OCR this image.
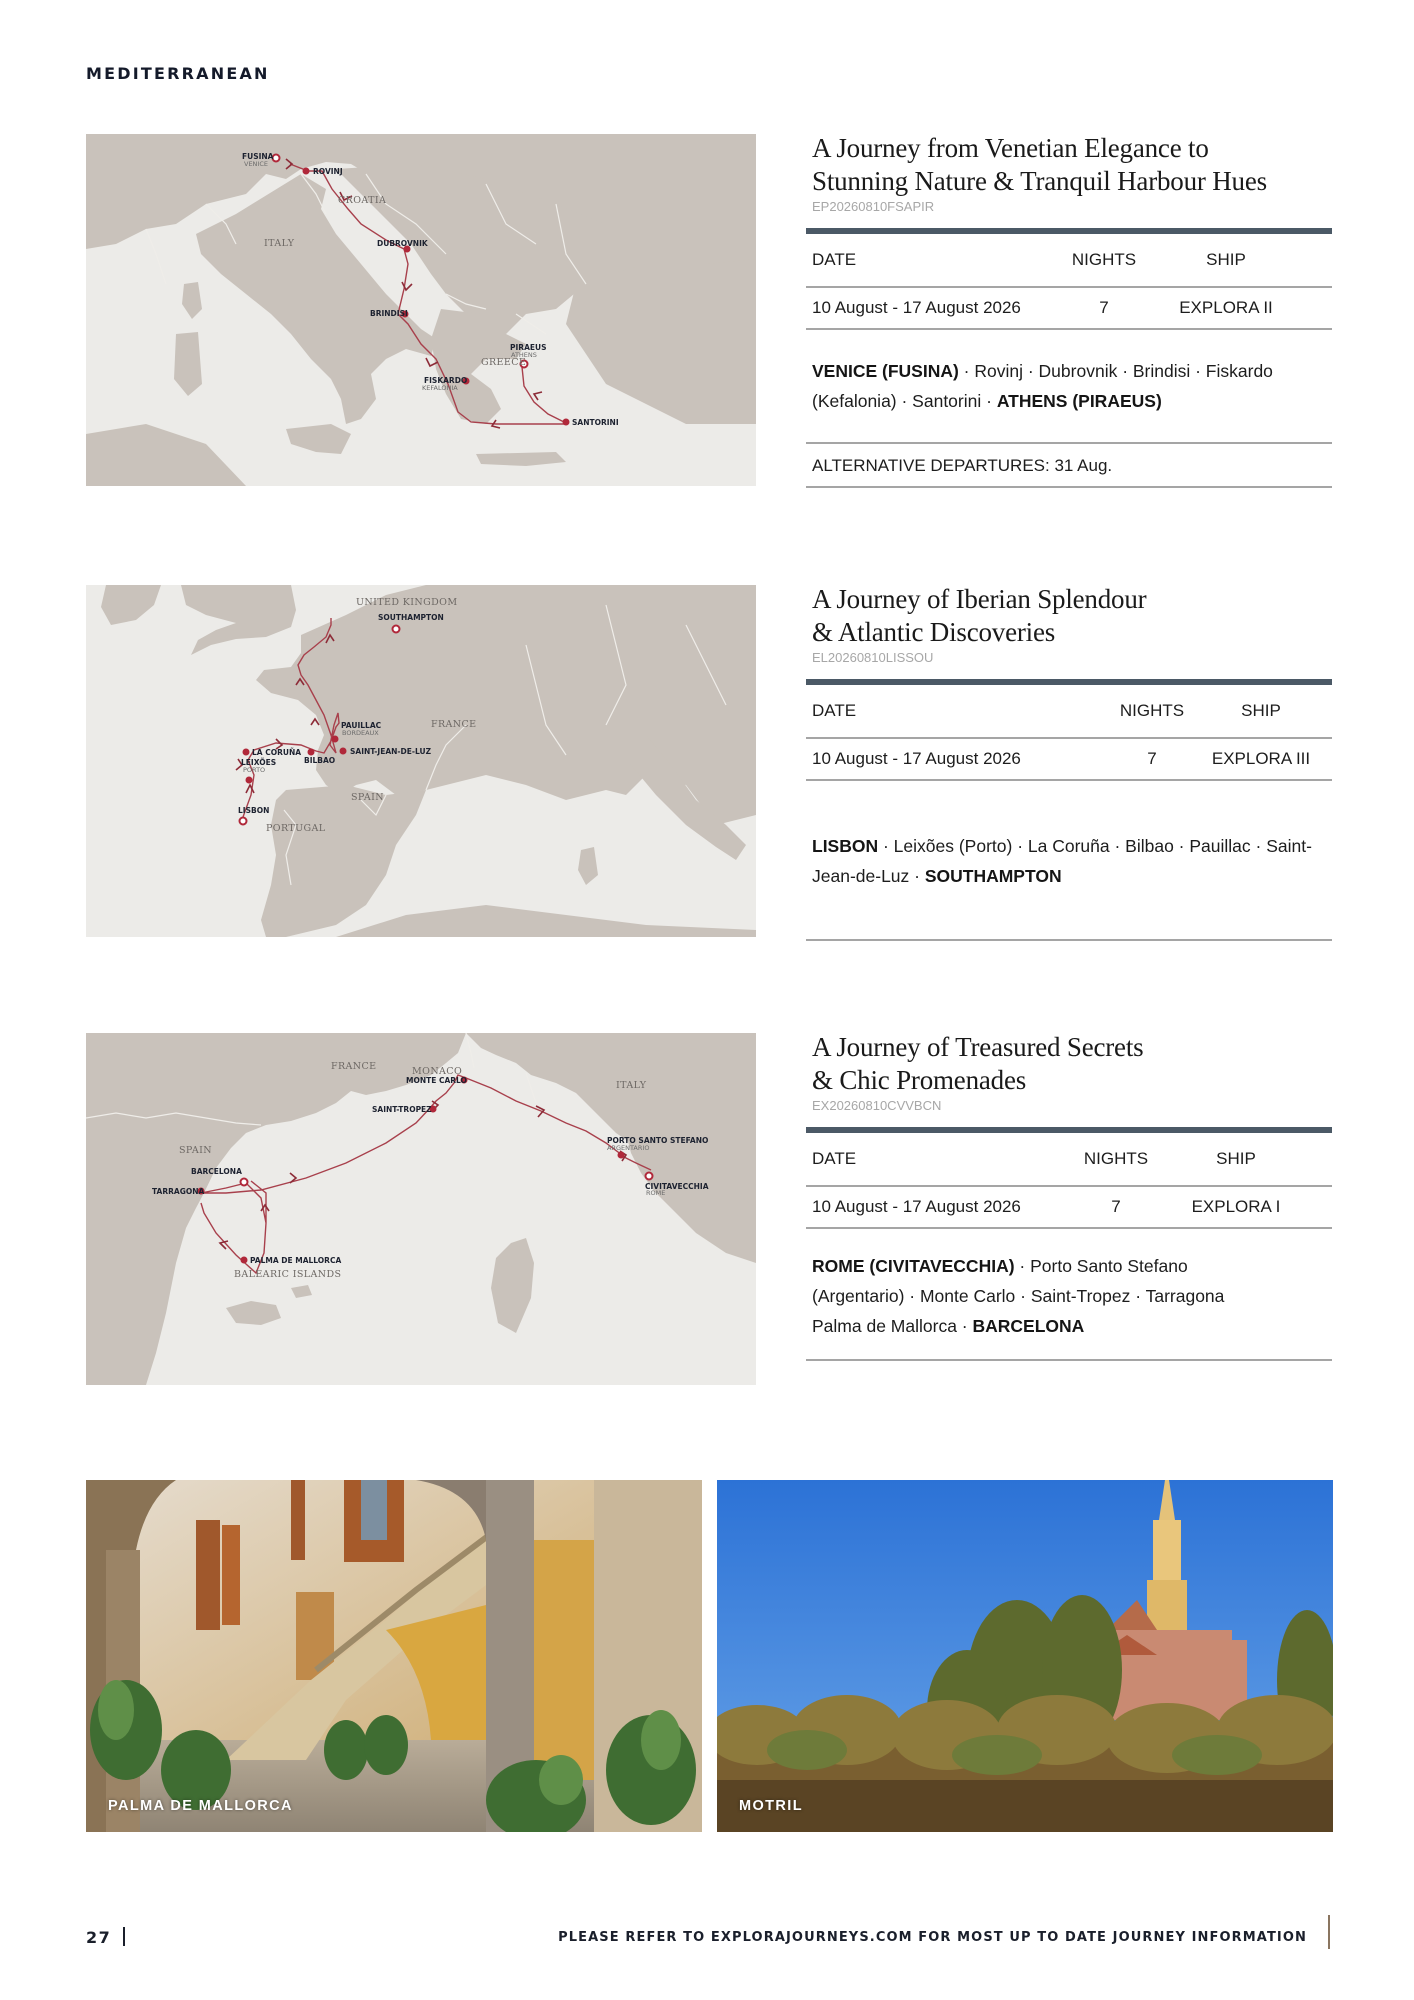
MEDITERRANEAN
FUSINA
VENICE
ROVINJ
DUBROVNIK
BRINDISI
FISKARDO
KEFALONIA
SANTORINI
PIRAEUS
ATHENS
CROATIA
ITALY
GREECE
A Journey from Venetian Elegance to
Stunning Nature & Tranquil Harbour Hues
EP20260810FSAPIR
DATE	NIGHTS	SHIP
10 August - 17 August 2026	7	EXPLORA II
VENICE (FUSINA) · Rovinj · Dubrovnik · Brindisi · Fiskardo (Kefalonia) · Santorini · ATHENS (PIRAEUS)
ALTERNATIVE DEPARTURES: 31 Aug.
LISBON
LEIXÕES
PORTO
LA CORUÑA
BILBAO
SAINT-JEAN-DE-LUZ
PAUILLAC
BORDEAUX
SOUTHAMPTON
UNITED KINGDOM
FRANCE
SPAIN
PORTUGAL
A Journey of Iberian Splendour
& Atlantic Discoveries
EL20260810LISSOU
DATE	NIGHTS	SHIP
10 August - 17 August 2026	7	EXPLORA III
LISBON · Leixões (Porto) · La Coruña · Bilbao · Pauillac · Saint-Jean-de-Luz · SOUTHAMPTON
CIVITAVECCHIA
ROME
PORTO SANTO STEFANO
ARGENTARIO
MONTE CARLO
MONACO
SAINT-TROPEZ
TARRAGONA
BARCELONA
PALMA DE MALLORCA
BALEARIC ISLANDS
FRANCE
ITALY
SPAIN
A Journey of Treasured Secrets
& Chic Promenades
EX20260810CVVBCN
DATE	NIGHTS	SHIP
10 August - 17 August 2026	7	EXPLORA I
ROME (CIVITAVECCHIA) · Porto Santo Stefano
(Argentario) · Monte Carlo · Saint-Tropez · Tarragona
Palma de Mallorca · BARCELONA
PALMA DE MALLORCA	MOTRIL
27	PLEASE REFER TO EXPLORAJOURNEYS.COM FOR MOST UP TO DATE JOURNEY INFORMATION
